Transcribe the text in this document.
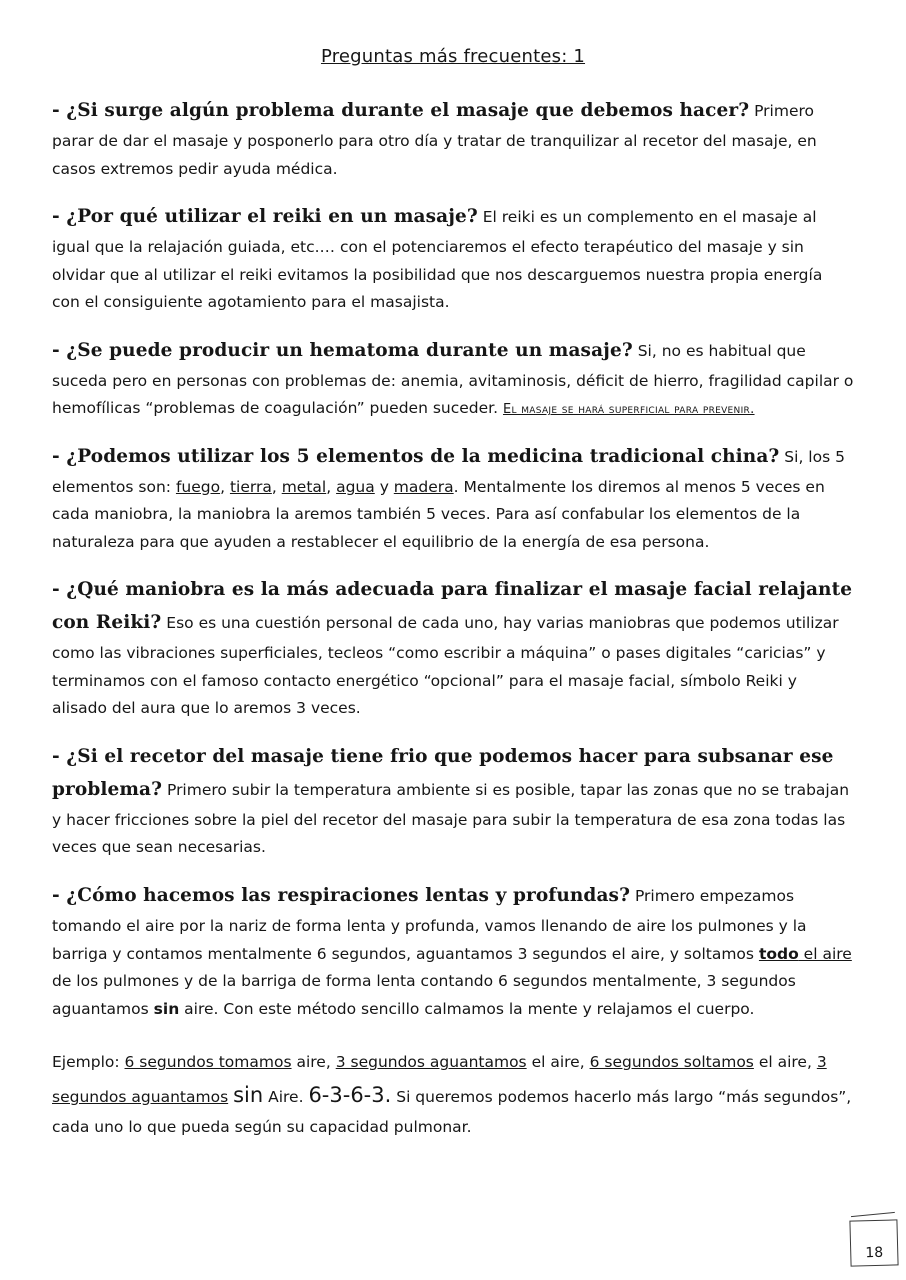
Preguntas más frecuentes: 1

- ¿Si surge algún problema durante el masaje que debemos hacer? Primero parar de dar el masaje y posponerlo para otro día y tratar de tranquilizar al recetor del masaje, en casos extremos pedir ayuda médica.

- ¿Por qué utilizar el reiki en un masaje? El reiki es un complemento en el masaje al igual que la relajación guiada, etc.… con el potenciaremos el efecto terapéutico del masaje y sin olvidar que al utilizar el reiki evitamos la posibilidad que nos descarguemos nuestra propia energía con el consiguiente agotamiento para el masajista.

- ¿Se puede producir un hematoma durante un masaje? Si, no es habitual que suceda pero en personas con problemas de: anemia, avitaminosis, déficit de hierro, fragilidad capilar o hemofílicas “problemas de coagulación” pueden suceder. El masaje se hará superficial para prevenir.

- ¿Podemos utilizar los 5 elementos de la medicina tradicional china? Si, los 5 elementos son: fuego, tierra, metal, agua y madera. Mentalmente los diremos al menos 5 veces en cada maniobra, la maniobra la aremos también 5 veces. Para así confabular los elementos de la naturaleza para que ayuden a restablecer el equilibrio de la energía de esa persona.

- ¿Qué maniobra es la más adecuada para finalizar el masaje facial relajante con Reiki? Eso es una cuestión personal de cada uno, hay varias maniobras que podemos utilizar como las vibraciones superficiales, tecleos “como escribir a máquina” o pases digitales “caricias” y terminamos con el famoso contacto energético “opcional” para el masaje facial, símbolo Reiki y alisado del aura que lo aremos 3 veces.

- ¿Si el recetor del masaje tiene frio que podemos hacer para subsanar ese problema? Primero subir la temperatura ambiente si es posible, tapar las zonas que no se trabajan y hacer fricciones sobre la piel del recetor del masaje para subir la temperatura de esa zona todas las veces que sean necesarias.

- ¿Cómo hacemos las respiraciones lentas y profundas? Primero empezamos tomando el aire por la nariz de forma lenta y profunda, vamos llenando de aire los pulmones y la barriga y contamos mentalmente 6 segundos, aguantamos 3 segundos el aire, y soltamos todo el aire de los pulmones y de la barriga de forma lenta contando 6 segundos mentalmente, 3 segundos aguantamos sin aire. Con este método sencillo calmamos la mente y relajamos el cuerpo.

Ejemplo: 6 segundos tomamos aire, 3 segundos aguantamos el aire, 6 segundos soltamos el aire, 3 segundos aguantamos sin Aire. 6-3-6-3. Si queremos podemos hacerlo más largo “más segundos”, cada uno lo que pueda según su capacidad pulmonar.

18
